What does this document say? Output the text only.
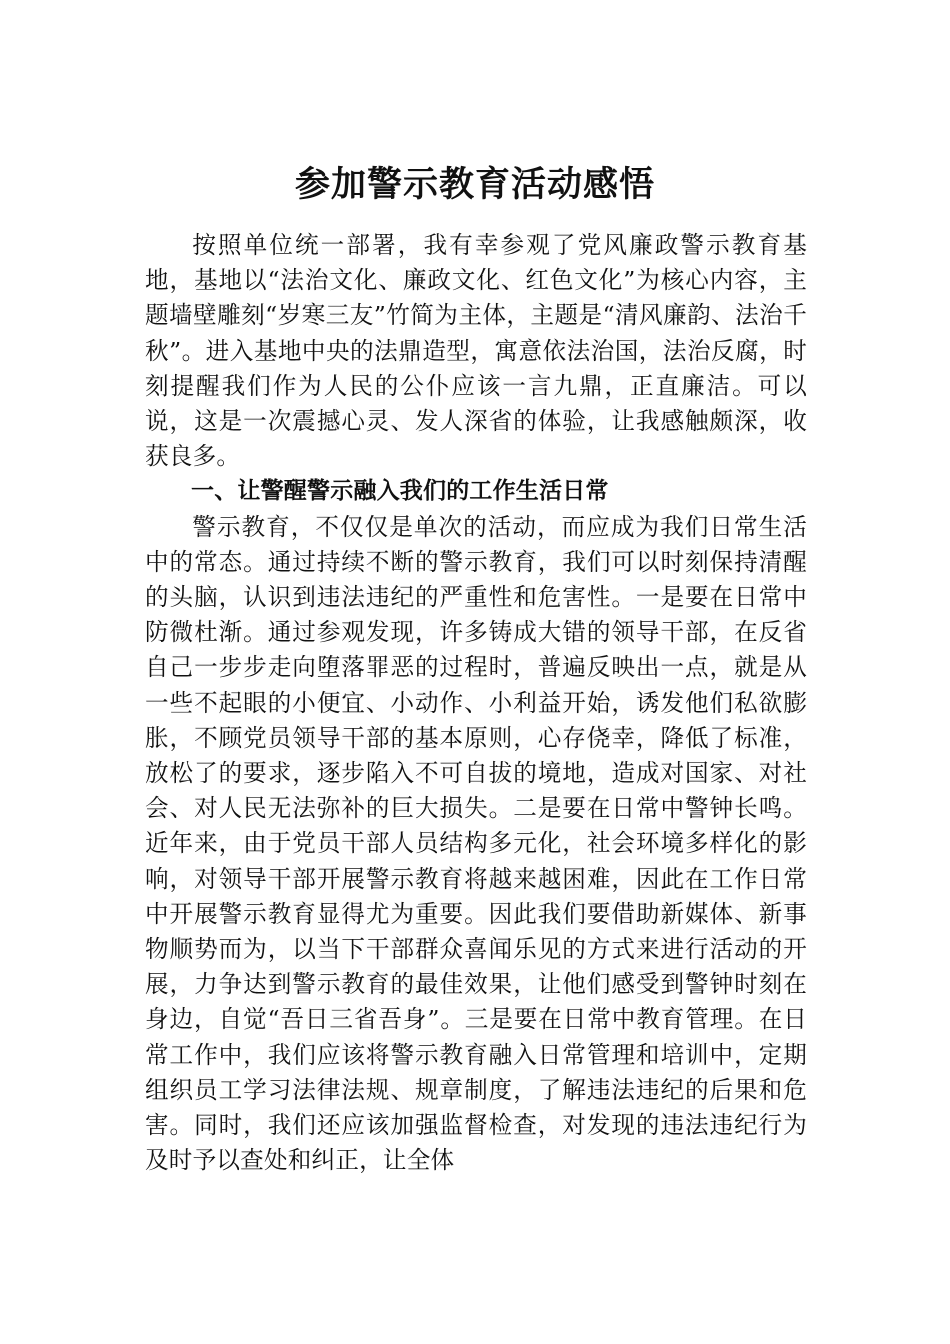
参加警示教育活动感悟

按照单位统一部署，我有幸参观了党风廉政警示教育基地，基地以“法治文化、廉政文化、红色文化”为核心内容，主题墙壁雕刻“岁寒三友”竹简为主体，主题是“清风廉韵、法治千秋”。进入基地中央的法鼎造型，寓意依法治国，法治反腐，时刻提醒我们作为人民的公仆应该一言九鼎，正直廉洁。可以说，这是一次震撼心灵、发人深省的体验，让我感触颇深，收获良多。

一、让警醒警示融入我们的工作生活日常

警示教育，不仅仅是单次的活动，而应成为我们日常生活中的常态。通过持续不断的警示教育，我们可以时刻保持清醒的头脑，认识到违法违纪的严重性和危害性。一是要在日常中防微杜渐。通过参观发现，许多铸成大错的领导干部，在反省自己一步步走向堕落罪恶的过程时，普遍反映出一点，就是从一些不起眼的小便宜、小动作、小利益开始，诱发他们私欲膨胀，不顾党员领导干部的基本原则，心存侥幸，降低了标准，放松了的要求，逐步陷入不可自拔的境地，造成对国家、对社会、对人民无法弥补的巨大损失。二是要在日常中警钟长鸣。近年来，由于党员干部人员结构多元化，社会环境多样化的影响，对领导干部开展警示教育将越来越困难，因此在工作日常中开展警示教育显得尤为重要。因此我们要借助新媒体、新事物顺势而为，以当下干部群众喜闻乐见的方式来进行活动的开展，力争达到警示教育的最佳效果，让他们感受到警钟时刻在身边，自觉“吾日三省吾身”。三是要在日常中教育管理。在日常工作中，我们应该将警示教育融入日常管理和培训中，定期组织员工学习法律法规、规章制度，了解违法违纪的后果和危害。同时，我们还应该加强监督检查，对发现的违法违纪行为及时予以查处和纠正，让全体
